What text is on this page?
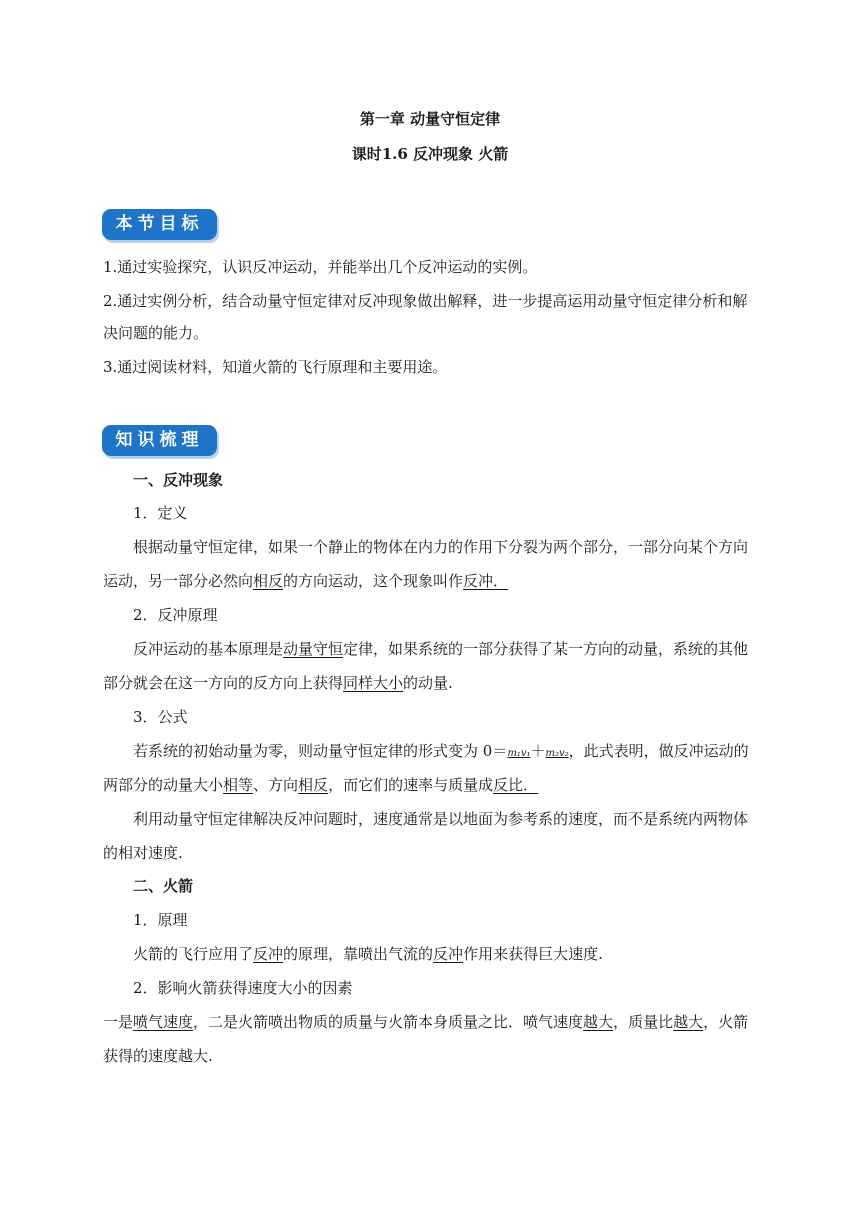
第一章 动量守恒定律
课时1.6 反冲现象 火箭
本节目标
1.通过实验探究，认识反冲运动，并能举出几个反冲运动的实例。
2.通过实例分析，结合动量守恒定律对反冲现象做出解释，进一步提高运用动量守恒定律分析和解
决问题的能力。
3.通过阅读材料，知道火箭的飞行原理和主要用途。
知识梳理
一、反冲现象
1．定义
根据动量守恒定律，如果一个静止的物体在内力的作用下分裂为两个部分，一部分向某个方向
运动，另一部分必然向相反的方向运动，这个现象叫作反冲．
2．反冲原理
反冲运动的基本原理是动量守恒定律，如果系统的一部分获得了某一方向的动量，系统的其他
部分就会在这一方向的反方向上获得同样大小的动量.
3．公式
若系统的初始动量为零，则动量守恒定律的形式变为 0＝m₁v₁＋m₂v₂，此式表明，做反冲运动的
两部分的动量大小相等、方向相反，而它们的速率与质量成反比．
利用动量守恒定律解决反冲问题时，速度通常是以地面为参考系的速度，而不是系统内两物体
的相对速度.
二、火箭
1．原理
火箭的飞行应用了反冲的原理，靠喷出气流的反冲作用来获得巨大速度.
2．影响火箭获得速度大小的因素
一是喷气速度，二是火箭喷出物质的质量与火箭本身质量之比．喷气速度越大，质量比越大，火箭
获得的速度越大.
